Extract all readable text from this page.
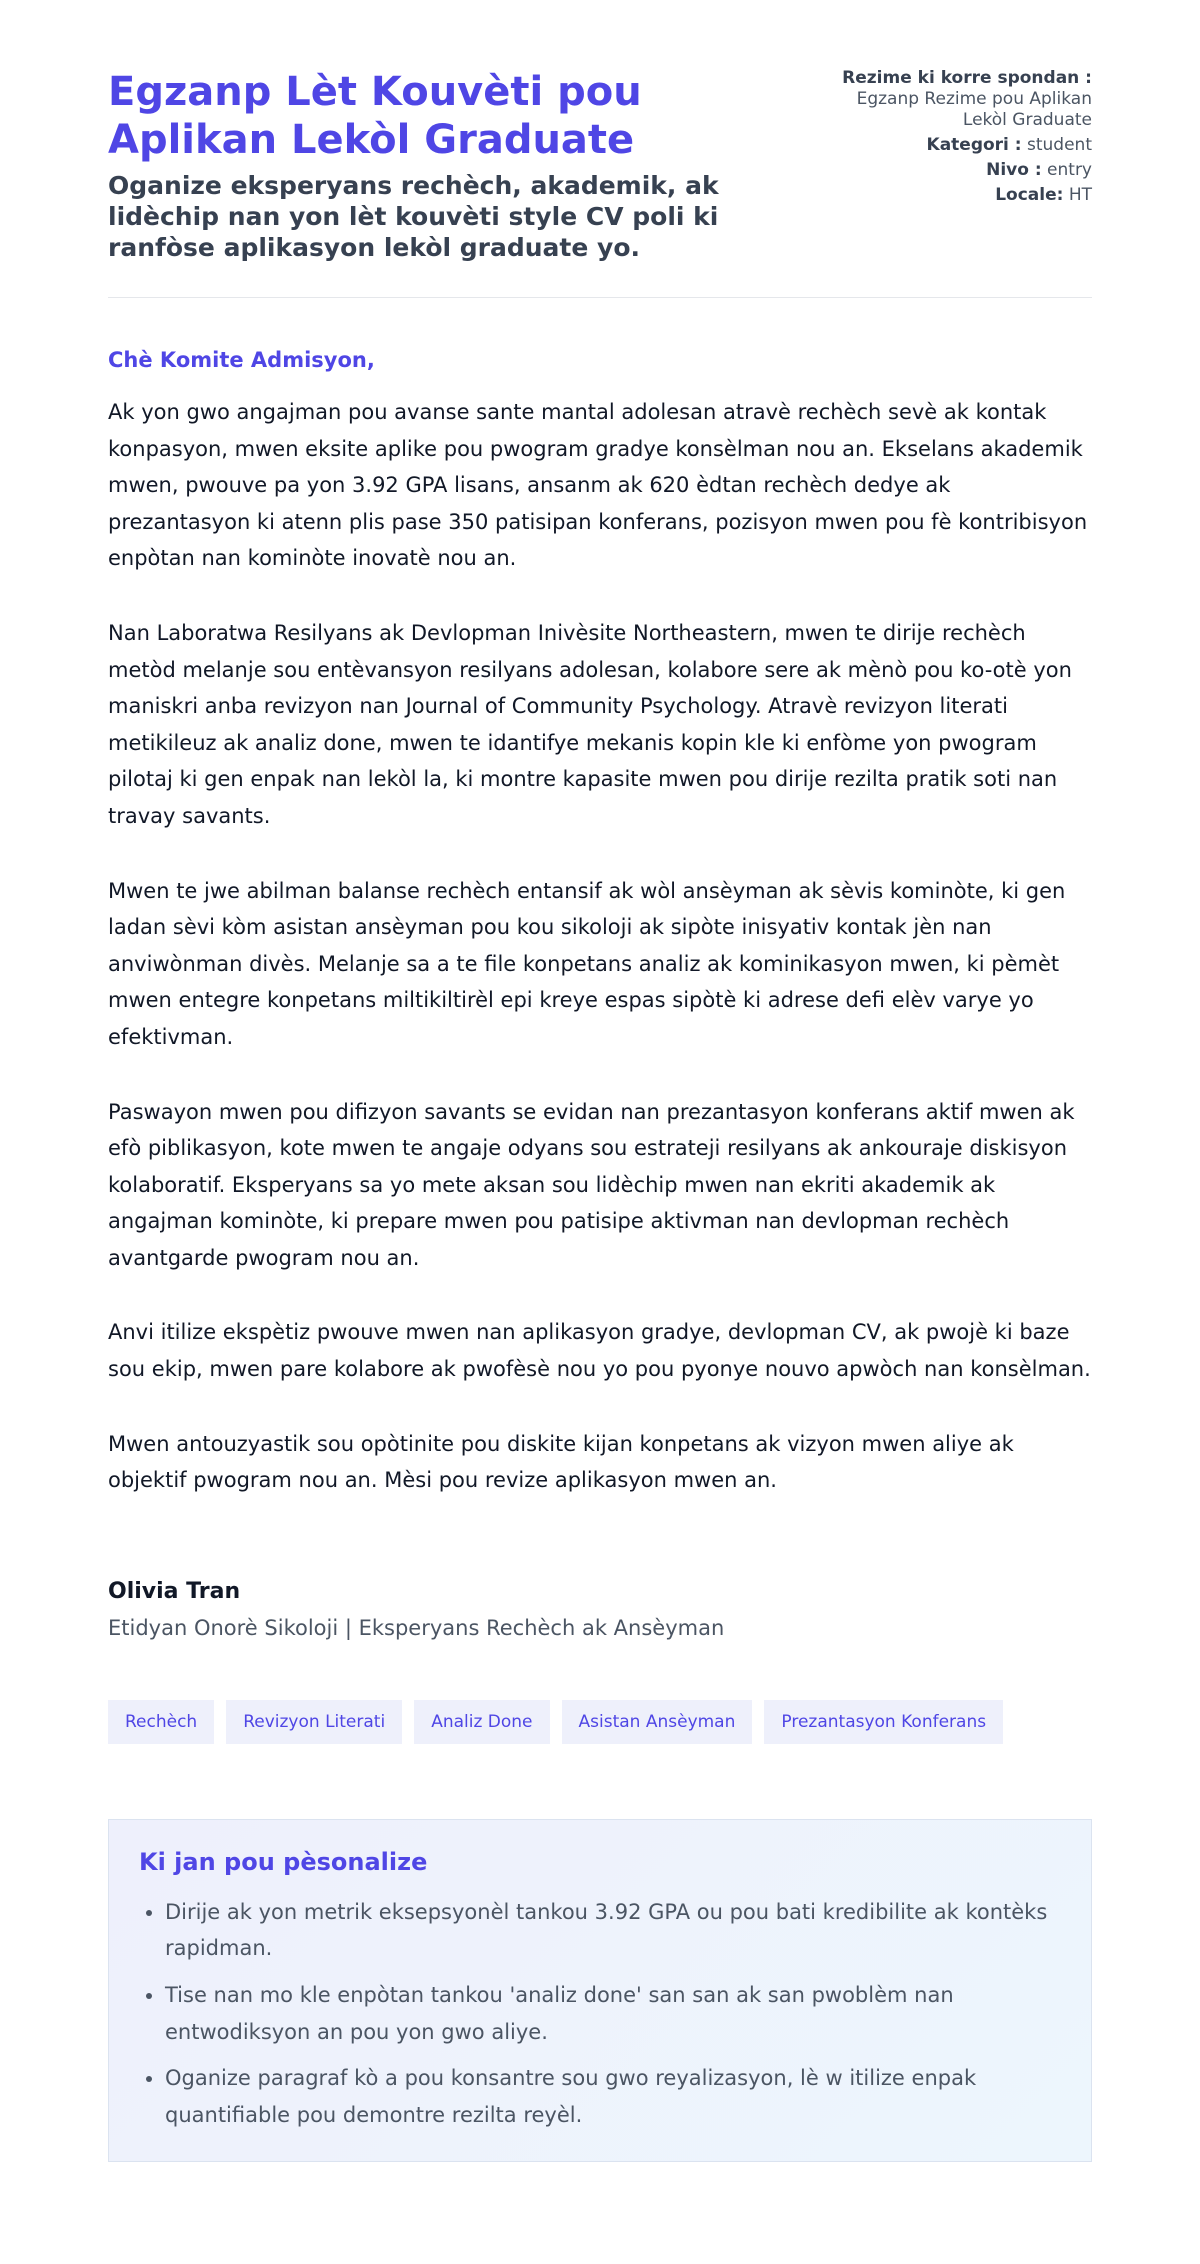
Egzanp Lèt Kouvèti pou Aplikan Lekòl Graduate

Oganize eksperyans rechèch, akademik, ak lidèchip nan yon lèt kouvèti style CV poli ki ranfòse aplikasyon lekòl graduate yo.

Rezime ki korre spondan : Egzanp Rezime pou Aplikan Lekòl Graduate
Kategori : student
Nivo : entry
Locale: HT

Chè Komite Admisyon,

Ak yon gwo angajman pou avanse sante mantal adolesan atravè rechèch sevè ak kontak konpasyon, mwen eksite aplike pou pwogram gradye konsèlman nou an. Ekselans akademik mwen, pwouve pa yon 3.92 GPA lisans, ansanm ak 620 èdtan rechèch dedye ak prezantasyon ki atenn plis pase 350 patisipan konferans, pozisyon mwen pou fè kontribisyon enpòtan nan kominòte inovatè nou an.

Nan Laboratwa Resilyans ak Devlopman Inivèsite Northeastern, mwen te dirije rechèch metòd melanje sou entèvansyon resilyans adolesan, kolabore sere ak mènò pou ko-otè yon maniskri anba revizyon nan Journal of Community Psychology. Atravè revizyon literati metikileuz ak analiz done, mwen te idantifye mekanis kopin kle ki enfòme yon pwogram pilotaj ki gen enpak nan lekòl la, ki montre kapasite mwen pou dirije rezilta pratik soti nan travay savants.

Mwen te jwe abilman balanse rechèch entansif ak wòl ansèyman ak sèvis kominòte, ki gen ladan sèvi kòm asistan ansèyman pou kou sikoloji ak sipòte inisyativ kontak jèn nan anviwònman divès. Melanje sa a te file konpetans analiz ak kominikasyon mwen, ki pèmèt mwen entegre konpetans miltikiltirèl epi kreye espas sipòtè ki adrese defi elèv varye yo efektivman.

Paswayon mwen pou difizyon savants se evidan nan prezantasyon konferans aktif mwen ak efò piblikasyon, kote mwen te angaje odyans sou estrateji resilyans ak ankouraje diskisyon kolaboratif. Eksperyans sa yo mete aksan sou lidèchip mwen nan ekriti akademik ak angajman kominòte, ki prepare mwen pou patisipe aktivman nan devlopman rechèch avantgarde pwogram nou an.

Anvi itilize ekspètiz pwouve mwen nan aplikasyon gradye, devlopman CV, ak pwojè ki baze sou ekip, mwen pare kolabore ak pwofèsè nou yo pou pyonye nouvo apwòch nan konsèlman.

Mwen antouzyastik sou opòtinite pou diskite kijan konpetans ak vizyon mwen aliye ak objektif pwogram nou an. Mèsi pou revize aplikasyon mwen an.

Olivia Tran

Etidyan Onorè Sikoloji | Eksperyans Rechèch ak Ansèyman

Rechèch	Revizyon Literati	Analiz Done	Asistan Ansèyman	Prezantasyon Konferans
Ki jan pou pèsonalize
• Dirije ak yon metrik eksepsyonèl tankou 3.92 GPA ou pou bati kredibilite ak kontèks rapidman.
• Tise nan mo kle enpòtan tankou 'analiz done' san san ak san pwoblèm nan entwodiksyon an pou yon gwo aliye.
• Oganize paragraf kò a pou konsantre sou gwo reyalizasyon, lè w itilize enpak quantifiable pou demontre rezilta reyèl.
